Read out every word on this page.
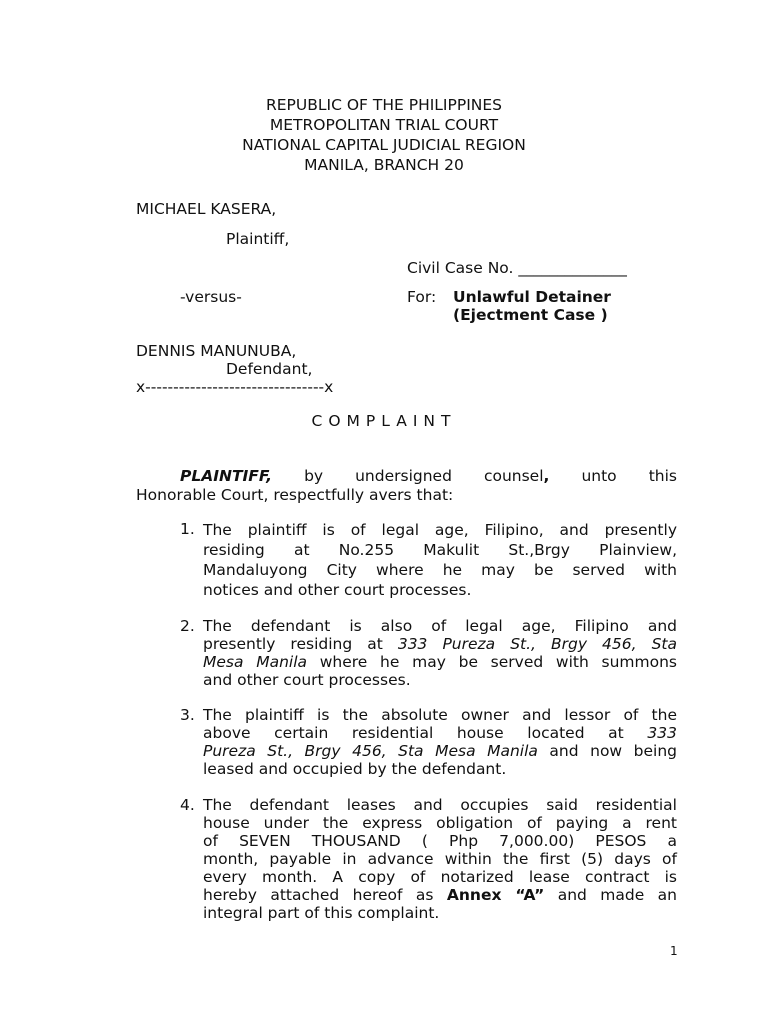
REPUBLIC OF THE PHILIPPINES
METROPOLITAN TRIAL COURT
NATIONAL CAPITAL JUDICIAL REGION
MANILA, BRANCH 20
MICHAEL KASERA,
Plaintiff,
Civil Case No. ______________
-versus-	For: Unlawful Detainer
(Ejectment Case )
DENNIS MANUNUBA,
Defendant,
x--------------------------------x
COMPLAINT
PLAINTIFF, by undersigned counsel, unto this
Honorable Court, respectfully avers that:
1. The plaintiff is of legal age, Filipino, and presently
residing at No.255 Makulit St.,Brgy Plainview,
Mandaluyong City where he may be served with
notices and other court processes.
2. The defendant is also of legal age, Filipino and
presently residing at 333 Pureza St., Brgy 456, Sta
Mesa Manila where he may be served with summons
and other court processes.
3. The plaintiff is the absolute owner and lessor of the
above certain residential house located at 333
Pureza St., Brgy 456, Sta Mesa Manila and now being
leased and occupied by the defendant.
4. The defendant leases and occupies said residential
house under the express obligation of paying a rent
of SEVEN THOUSAND ( Php 7,000.00) PESOS a
month, payable in advance within the first (5) days of
every month. A copy of notarized lease contract is
hereby attached hereof as Annex “A” and made an
integral part of this complaint.
1
